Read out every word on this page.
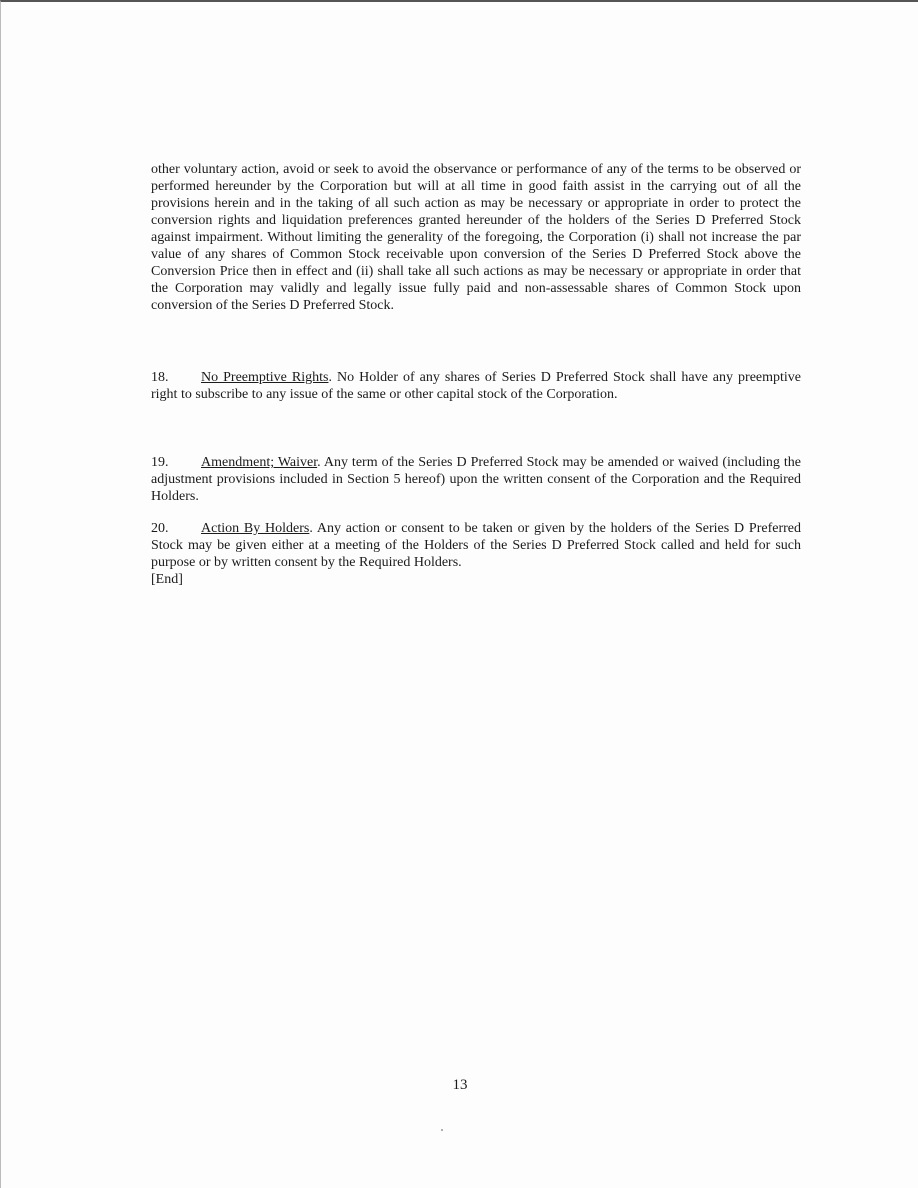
other voluntary action, avoid or seek to avoid the observance or performance of any of the terms to be observed or performed hereunder by the Corporation but will at all time in good faith assist in the carrying out of all the provisions herein and in the taking of all such action as may be necessary or appropriate in order to protect the conversion rights and liquidation preferences granted hereunder of the holders of the Series D Preferred Stock against impairment. Without limiting the generality of the foregoing, the Corporation (i) shall not increase the par value of any shares of Common Stock receivable upon conversion of the Series D Preferred Stock above the Conversion Price then in effect and (ii) shall take all such actions as may be necessary or appropriate in order that the Corporation may validly and legally issue fully paid and non-assessable shares of Common Stock upon conversion of the Series D Preferred Stock.

18. No Preemptive Rights. No Holder of any shares of Series D Preferred Stock shall have any preemptive right to subscribe to any issue of the same or other capital stock of the Corporation.

19. Amendment; Waiver. Any term of the Series D Preferred Stock may be amended or waived (including the adjustment provisions included in Section 5 hereof) upon the written consent of the Corporation and the Required Holders.

20. Action By Holders. Any action or consent to be taken or given by the holders of the Series D Preferred Stock may be given either at a meeting of the Holders of the Series D Preferred Stock called and held for such purpose or by written consent by the Required Holders.

[End]
13
